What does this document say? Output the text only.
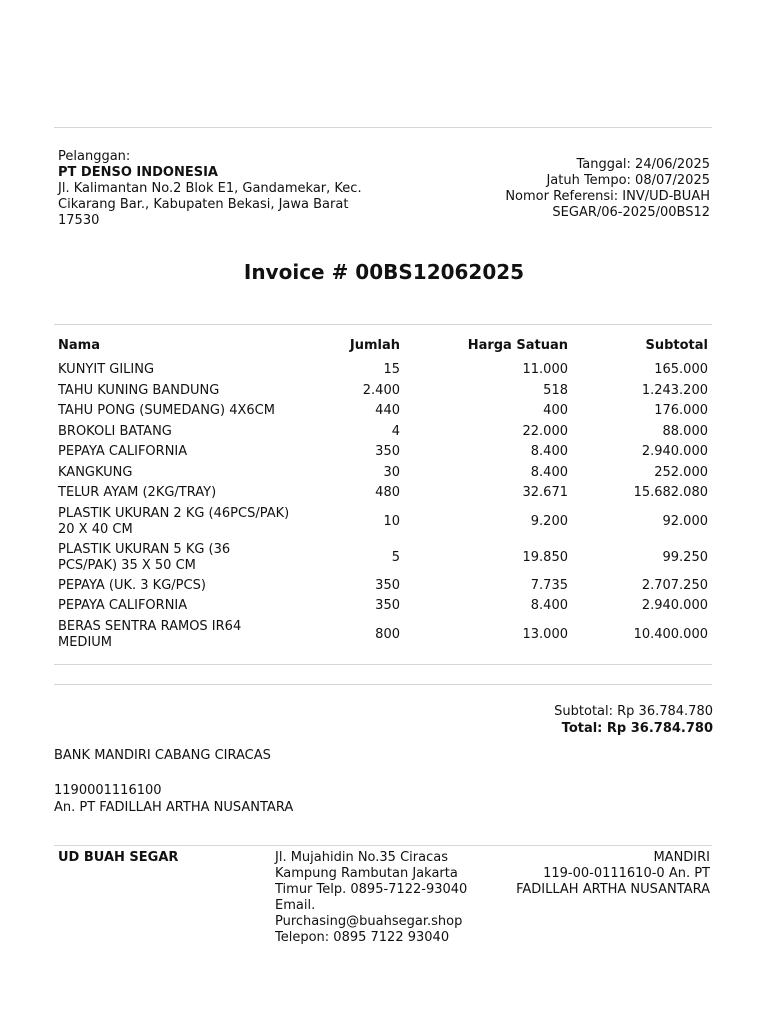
Pelanggan:
PT DENSO INDONESIA
Jl. Kalimantan No.2 Blok E1, Gandamekar, Kec.
Cikarang Bar., Kabupaten Bekasi, Jawa Barat
17530
Tanggal: 24/06/2025
Jatuh Tempo: 08/07/2025
Nomor Referensi: INV/UD-BUAH
SEGAR/06-2025/00BS12
Invoice # 00BS12062025
Nama	Jumlah	Harga Satuan	Subtotal

KUNYIT GILING	15	11.000	165.000
TAHU KUNING BANDUNG	2.400	518	1.243.200
TAHU PONG (SUMEDANG) 4X6CM	440	400	176.000
BROKOLI BATANG	4	22.000	88.000
PEPAYA CALIFORNIA	350	8.400	2.940.000
KANGKUNG	30	8.400	252.000
TELUR AYAM (2KG/TRAY)	480	32.671	15.682.080

PLASTIK UKURAN 2 KG (46PCS/PAK)
20 X 40 CM	10	9.200	92.000

PLASTIK UKURAN 5 KG (36
PCS/PAK) 35 X 50 CM	5	19.850	99.250
PEPAYA (UK. 3 KG/PCS)	350	7.735	2.707.250
PEPAYA CALIFORNIA	350	8.400	2.940.000

BERAS SENTRA RAMOS IR64
MEDIUM	800	13.000	10.400.000
Subtotal: Rp 36.784.780
Total: Rp 36.784.780
BANK MANDIRI CABANG CIRACAS
1190001116100
An. PT FADILLAH ARTHA NUSANTARA
UD BUAH SEGAR	Jl. Mujahidin No.35 Ciracas
Kampung Rambutan Jakarta
Timur Telp. 0895-7122-93040
Email.
Purchasing@buahsegar.shop
Telepon: 0895 7122 93040
MANDIRI
119-00-0111610-0 An. PT
FADILLAH ARTHA NUSANTARA
